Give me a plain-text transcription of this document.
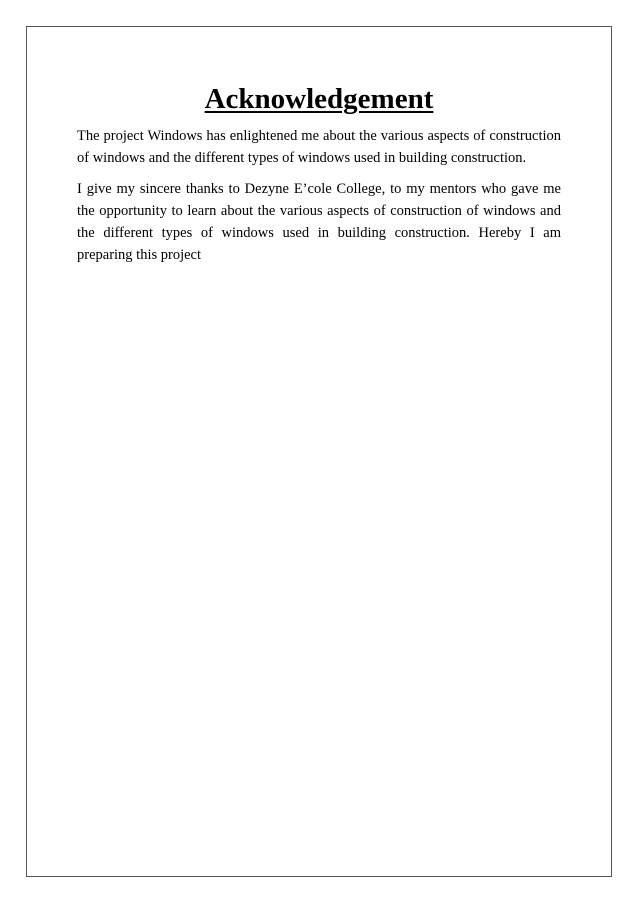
Acknowledgement

The project Windows has enlightened me about the various aspects of construction of windows and the different types of windows used in building construction.

I give my sincere thanks to Dezyne E’cole College, to my mentors who gave me the opportunity to learn about the various aspects of construction of windows and the different types of windows used in building construction. Hereby I am preparing this project
